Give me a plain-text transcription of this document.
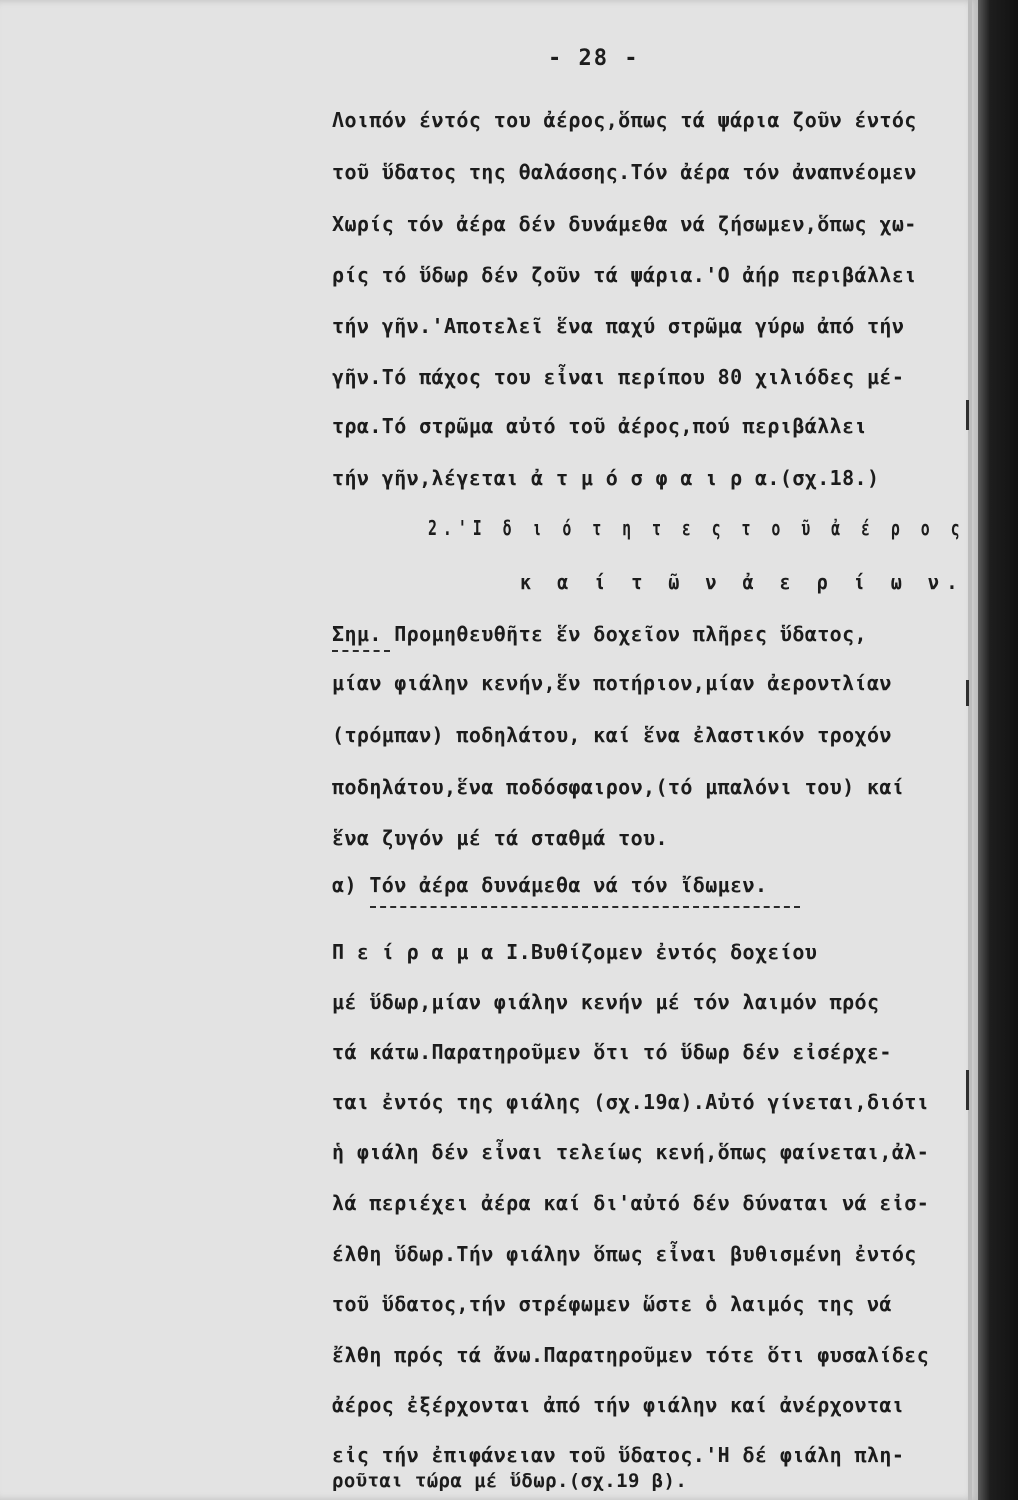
- 28 -
Λοιπόν έντός του ἀέρος,ὅπως τά ψάρια ζοῦν έντός
τοῦ ὕδατος της θαλάσσης.Τόν ἀέρα τόν ἀναπνέομεν
Χωρίς τόν ἀέρα δέν δυνάμεθα νά ζήσωμεν,ὅπως χω-
ρίς τό ὕδωρ δέν ζοῦν τά ψάρια.'Ο ἀήρ περιβάλλει
τήν γῆν.'Αποτελεῖ ἕνα παχύ στρῶμα γύρω ἀπό τήν
γῆν.Τό πάχος του εἶναι περίπου 80 χιλιόδες μέ-
τρα.Τό στρῶμα αὐτό τοῦ ἀέρος,πού περιβάλλει
τήν γῆν,λέγεται ἀ τ μ ό σ φ α ι ρ α.(σχ.18.)
2.'Ι δ ι ό τ η τ ε ς τ ο ῦ ἀ έ ρ ο ς
κ α ί τ ῶ ν ἀ ε ρ ί ω ν.
Σημ. Προμηθευθῆτε ἕν δοχεῖον πλῆρες ὕδατος,
μίαν φιάλην κενήν,ἕν ποτήριον,μίαν ἀεροντλίαν
(τρόμπαν) ποδηλάτου, καί ἕνα ἐλαστικόν τροχόν
ποδηλάτου,ἕνα ποδόσφαιρον,(τό μπαλόνι του) καί
ἕνα ζυγόν μέ τά σταθμά του.
α) Τόν ἀέρα δυνάμεθα νά τόν ἴδωμεν.
Π ε ί ρ α μ α Ι.Βυθίζομεν ἐντός δοχείου
μέ ὕδωρ,μίαν φιάλην κενήν μέ τόν λαιμόν πρός
τά κάτω.Παρατηροῦμεν ὅτι τό ὕδωρ δέν εἰσέρχε-
ται ἐντός της φιάλης (σχ.19α).Αὐτό γίνεται,διότι
ἡ φιάλη δέν εἶναι τελείως κενή,ὅπως φαίνεται,ἀλ-
λά περιέχει ἀέρα καί δι'αὐτό δέν δύναται νά εἰσ-
έλθη ὕδωρ.Τήν φιάλην ὅπως εἶναι βυθισμένη ἐντός
τοῦ ὕδατος,τήν στρέφωμεν ὥστε ὁ λαιμός της νά
ἔλθη πρός τά ἄνω.Παρατηροῦμεν τότε ὅτι φυσαλίδες
ἀέρος ἐξέρχονται ἀπό τήν φιάλην καί ἀνέρχονται
εἰς τήν ἐπιφάνειαν τοῦ ὕδατος.'Η δέ φιάλη πλη-
ροῦται τώρα μέ ὕδωρ.(σχ.19 β).
